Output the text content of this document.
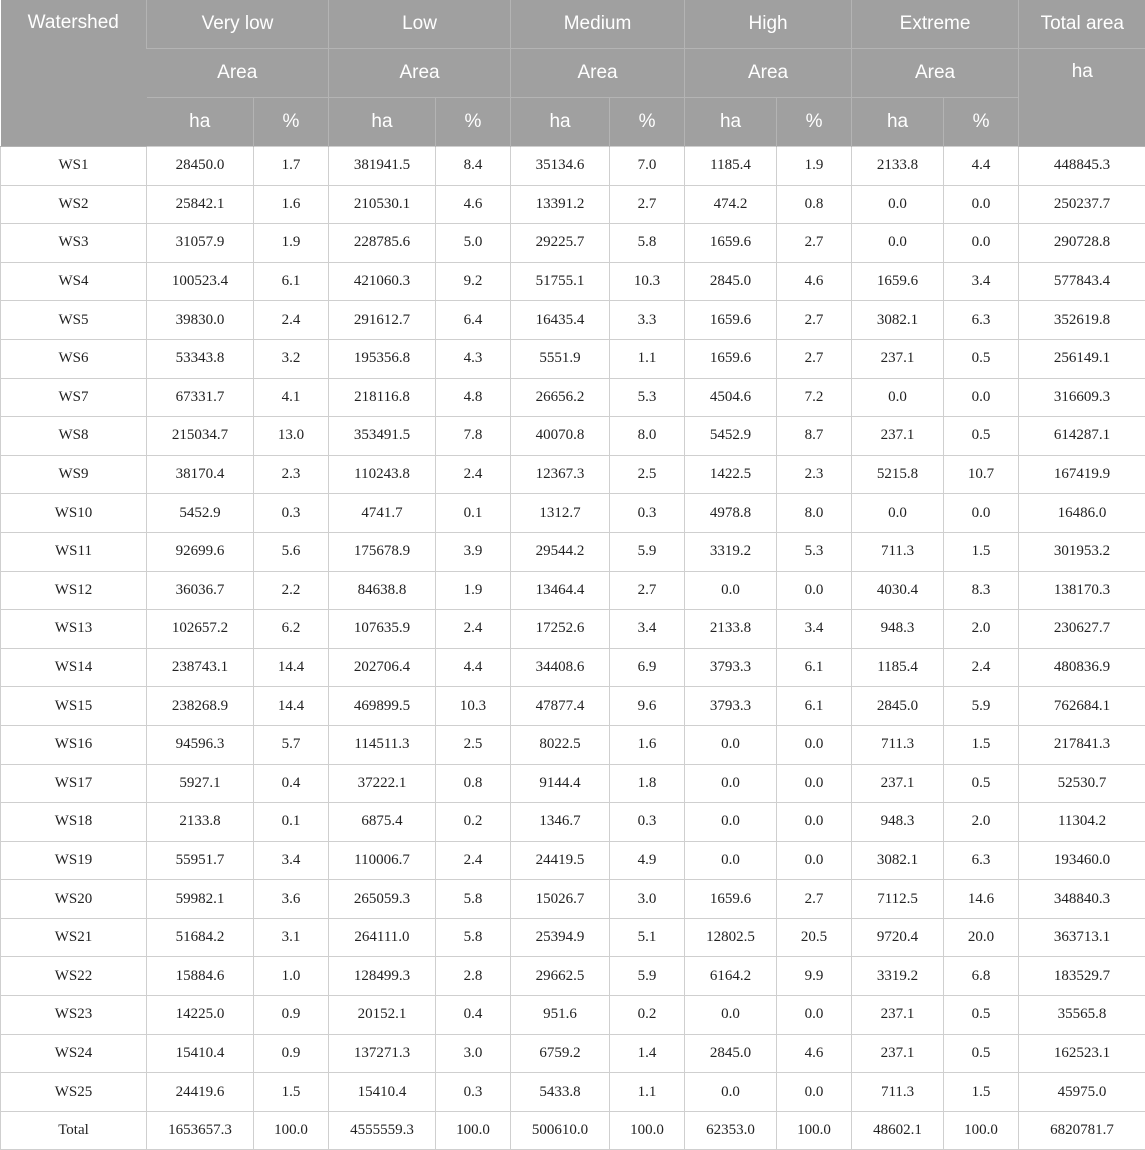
Watershed	Very low		Low		Medium		High		Extreme		Total area
	Area		Area		Area		Area		Area		ha
	ha	%	ha	%	ha	%	ha	%	ha	%	
WS1	28450.0	1.7	381941.5	8.4	35134.6	7.0	1185.4	1.9	2133.8	4.4	448845.3
WS2	25842.1	1.6	210530.1	4.6	13391.2	2.7	474.2	0.8	0.0	0.0	250237.7
WS3	31057.9	1.9	228785.6	5.0	29225.7	5.8	1659.6	2.7	0.0	0.0	290728.8
WS4	100523.4	6.1	421060.3	9.2	51755.1	10.3	2845.0	4.6	1659.6	3.4	577843.4
WS5	39830.0	2.4	291612.7	6.4	16435.4	3.3	1659.6	2.7	3082.1	6.3	352619.8
WS6	53343.8	3.2	195356.8	4.3	5551.9	1.1	1659.6	2.7	237.1	0.5	256149.1
WS7	67331.7	4.1	218116.8	4.8	26656.2	5.3	4504.6	7.2	0.0	0.0	316609.3
WS8	215034.7	13.0	353491.5	7.8	40070.8	8.0	5452.9	8.7	237.1	0.5	614287.1
WS9	38170.4	2.3	110243.8	2.4	12367.3	2.5	1422.5	2.3	5215.8	10.7	167419.9
WS10	5452.9	0.3	4741.7	0.1	1312.7	0.3	4978.8	8.0	0.0	0.0	16486.0
WS11	92699.6	5.6	175678.9	3.9	29544.2	5.9	3319.2	5.3	711.3	1.5	301953.2
WS12	36036.7	2.2	84638.8	1.9	13464.4	2.7	0.0	0.0	4030.4	8.3	138170.3
WS13	102657.2	6.2	107635.9	2.4	17252.6	3.4	2133.8	3.4	948.3	2.0	230627.7
WS14	238743.1	14.4	202706.4	4.4	34408.6	6.9	3793.3	6.1	1185.4	2.4	480836.9
WS15	238268.9	14.4	469899.5	10.3	47877.4	9.6	3793.3	6.1	2845.0	5.9	762684.1
WS16	94596.3	5.7	114511.3	2.5	8022.5	1.6	0.0	0.0	711.3	1.5	217841.3
WS17	5927.1	0.4	37222.1	0.8	9144.4	1.8	0.0	0.0	237.1	0.5	52530.7
WS18	2133.8	0.1	6875.4	0.2	1346.7	0.3	0.0	0.0	948.3	2.0	11304.2
WS19	55951.7	3.4	110006.7	2.4	24419.5	4.9	0.0	0.0	3082.1	6.3	193460.0
WS20	59982.1	3.6	265059.3	5.8	15026.7	3.0	1659.6	2.7	7112.5	14.6	348840.3
WS21	51684.2	3.1	264111.0	5.8	25394.9	5.1	12802.5	20.5	9720.4	20.0	363713.1
WS22	15884.6	1.0	128499.3	2.8	29662.5	5.9	6164.2	9.9	3319.2	6.8	183529.7
WS23	14225.0	0.9	20152.1	0.4	951.6	0.2	0.0	0.0	237.1	0.5	35565.8
WS24	15410.4	0.9	137271.3	3.0	6759.2	1.4	2845.0	4.6	237.1	0.5	162523.1
WS25	24419.6	1.5	15410.4	0.3	5433.8	1.1	0.0	0.0	711.3	1.5	45975.0
Total	1653657.3	100.0	4555559.3	100.0	500610.0	100.0	62353.0	100.0	48602.1	100.0	6820781.7
